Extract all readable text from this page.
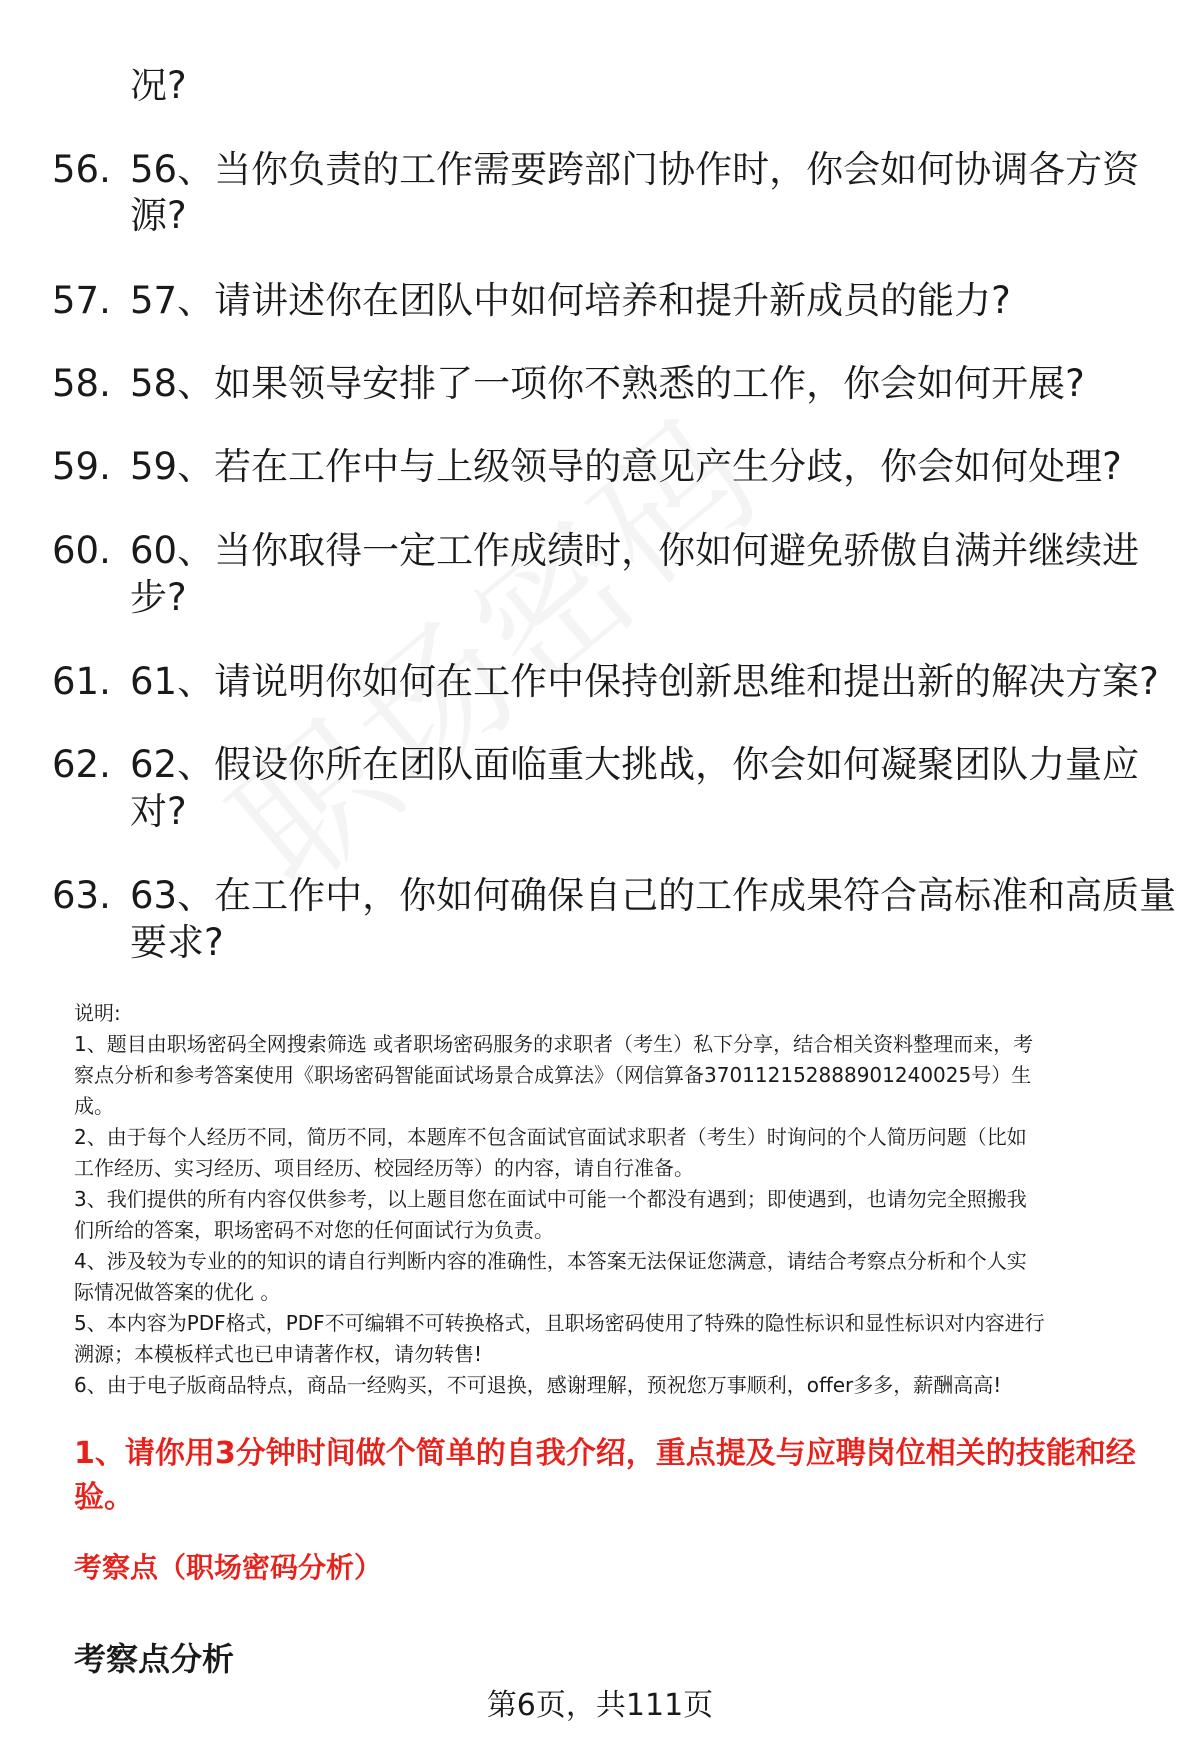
况?
56. 56、当你负责的工作需要跨部门协作时，你会如何协调各方资
源?
57. 57、请讲述你在团队中如何培养和提升新成员的能力?
58. 58、如果领导安排了一项你不熟悉的工作，你会如何开展?
59. 59、若在工作中与上级领导的意见产生分歧，你会如何处理?
60. 60、当你取得一定工作成绩时，你如何避免骄傲自满并继续进
步?
61. 61、请说明你如何在工作中保持创新思维和提出新的解决方案?
62. 62、假设你所在团队面临重大挑战，你会如何凝聚团队力量应
对?
63. 63、在工作中，你如何确保自己的工作成果符合高标准和高质量
要求?
说明:
1、题目由职场密码全网搜索筛选 或者职场密码服务的求职者（考生）私下分享，结合相关资料整理而来，考
察点分析和参考答案使用《职场密码智能面试场景合成算法》（网信算备370112152888901240025号）生
成。
2、由于每个人经历不同，简历不同，本题库不包含面试官面试求职者（考生）时询问的个人简历问题（比如
工作经历、实习经历、项目经历、校园经历等）的内容，请自行准备。
3、我们提供的所有内容仅供参考，以上题目您在面试中可能一个都没有遇到；即使遇到，也请勿完全照搬我
们所给的答案，职场密码不对您的任何面试行为负责。
4、涉及较为专业的的知识的请自行判断内容的准确性，本答案无法保证您满意，请结合考察点分析和个人实
际情况做答案的优化 。
5、本内容为PDF格式，PDF不可编辑不可转换格式，且职场密码使用了特殊的隐性标识和显性标识对内容进行
溯源；本模板样式也已申请著作权，请勿转售!
6、由于电子版商品特点，商品一经购买，不可退换，感谢理解，预祝您万事顺利，offer多多，薪酬高高!
1、请你用3分钟时间做个简单的自我介绍，重点提及与应聘岗位相关的技能和经
验。
考察点（职场密码分析）
考察点分析
第6页，共111页
